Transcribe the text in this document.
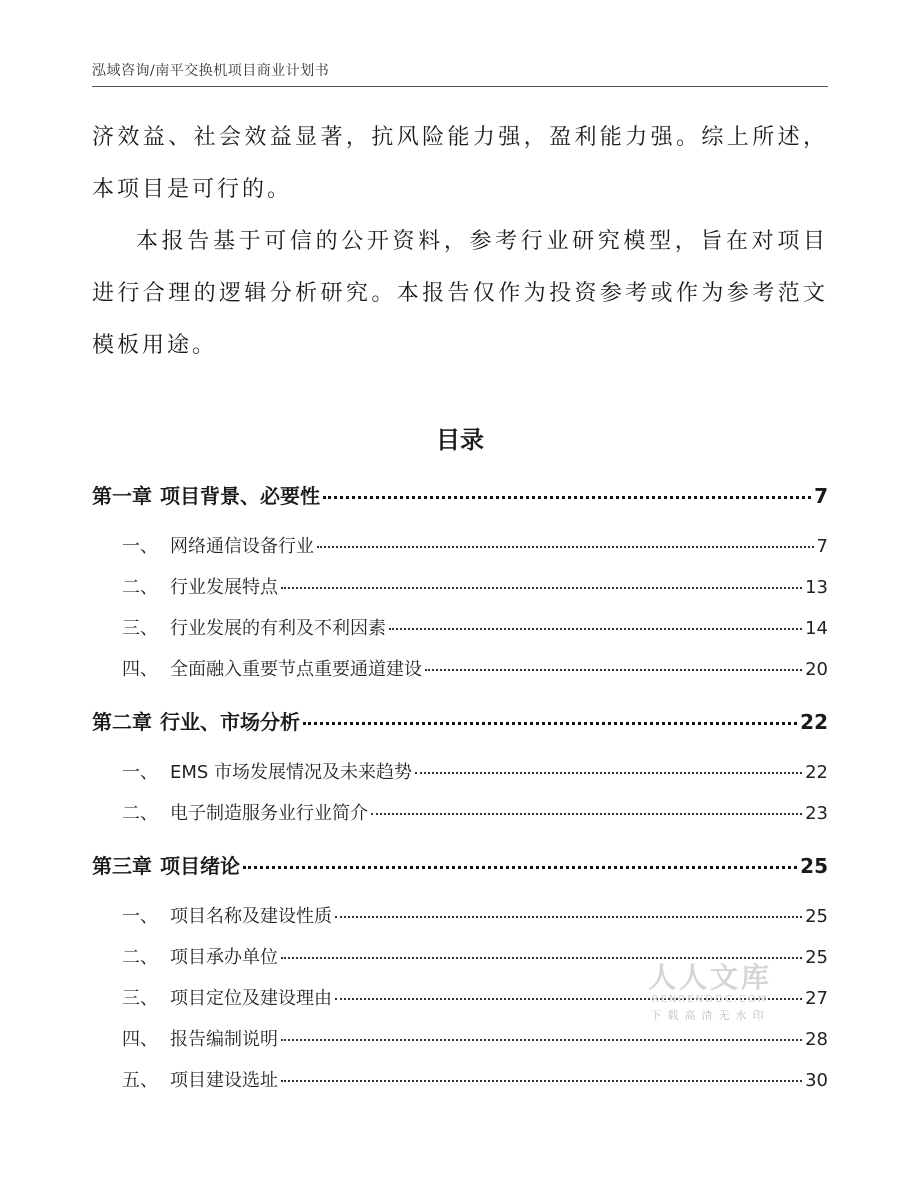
泓域咨询/南平交换机项目商业计划书

济效益、社会效益显著，抗风险能力强，盈利能力强。综上所述，本项目是可行的。

本报告基于可信的公开资料，参考行业研究模型，旨在对项目进行合理的逻辑分析研究。本报告仅作为投资参考或作为参考范文模板用途。

目录
第一章 项目背景、必要性	7
一、 网络通信设备行业	7
二、 行业发展特点	13
三、 行业发展的有利及不利因素	14
四、 全面融入重要节点重要通道建设	20
第二章 行业、市场分析	22
一、 EMS 市场发展情况及未来趋势	22
二、 电子制造服务业行业简介	23
第三章 项目绪论	25
一、 项目名称及建设性质	25
二、 项目承办单位	25
三、 项目定位及建设理由	27
四、 报告编制说明	28
五、 项目建设选址	30
人人文库
RENRENDOC.COM
下载高清无水印
